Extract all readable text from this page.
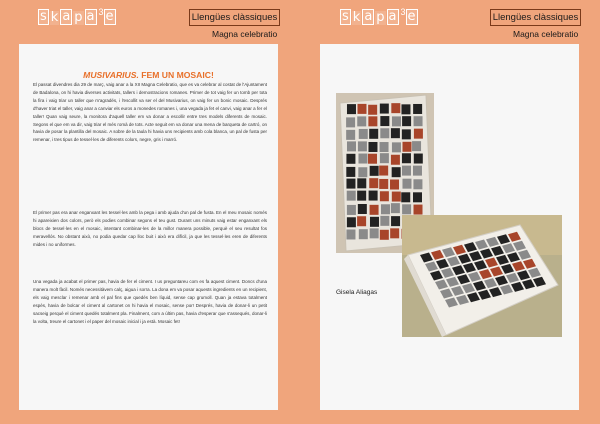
s k a p a 3 e	Llengües clàssiques
Magna celebratio
MUSIVARIUS. FEM UN MOSAIC!

El passat divendres dia 29 de març, vaig anar a la XII Magna Celebratio, que es va celebrar al costat de l'Ajuntament de Badalona, on hi havia diverses activitats, tallers i demostracions romanes. Primer de tot vaig fer un tomb per tota la fira i vaig triar un taller que m'agradés, i l'escollit va ser el del Musivarius, on vaig fer un bonic mosaic. Després d'haver triat el taller, vaig anar a canviar els euros a monedes romanes i, una vegada ja fet el canvi, vaig anar a fer el taller! Quan vaig seure, la monitora d'aquell taller em va donar a escollir entre tres models diferents de mosaic. Segons el que em va dir, vaig triar el més romà de tots. Acte seguit em va donar una mena de barqueta de cartró, on havia de posar la plantilla del mosaic. A sobre de la taula hi havia uns recipients amb cola blanca, un pal de fusta per remenar, i tres tipus de tessel·les de diferents colors, negre, gris i marró.

El primer pas era anar enganxant les tessel·les amb la pega i amb ajuda d'un pal de fusta. En el meu mosaic només hi apareixien dos colors, però els podies combinar segons el teu gust. Durant uns minuts vaig estar enganxant els blocs de tessel·les en el mosaic, intentant combinar-les de la millor manera possible, perquè el seu resultat fos meravellós. No obstant això, no podia quedar cap lloc buit i això era difícil, ja que les tessel·les eren de diferents mides i no uniformes.

Una vegada ja acabat el primer pas, havia de fer el ciment. I us preguntareu com es fa aquest ciment. Doncs d'una manera molt fàcil. Només necessitàvem calç, aigua i sorra. La dona em va posar aquests ingredients en un recipient, els vaig mesclar i remenar amb el pal fins que quedés ben líquid, sense cap grumoll. Quan ja estava totalment espès, havia de bolcar el ciment al cartonet on hi havia el mosaic, sense por! Després, havia de donar-li un petit sacseig perquè el ciment quedés totalment pla. Finalment, com a últim pas, havia d'esperar que s'assequés, donar-li la volta, treure el cartonet i el paper del mosaic inicial i ja està. Mosaic fet!

s k a p a 3 e	Llengües clàssiques
Magna celebratio
Gisela Aliagas
